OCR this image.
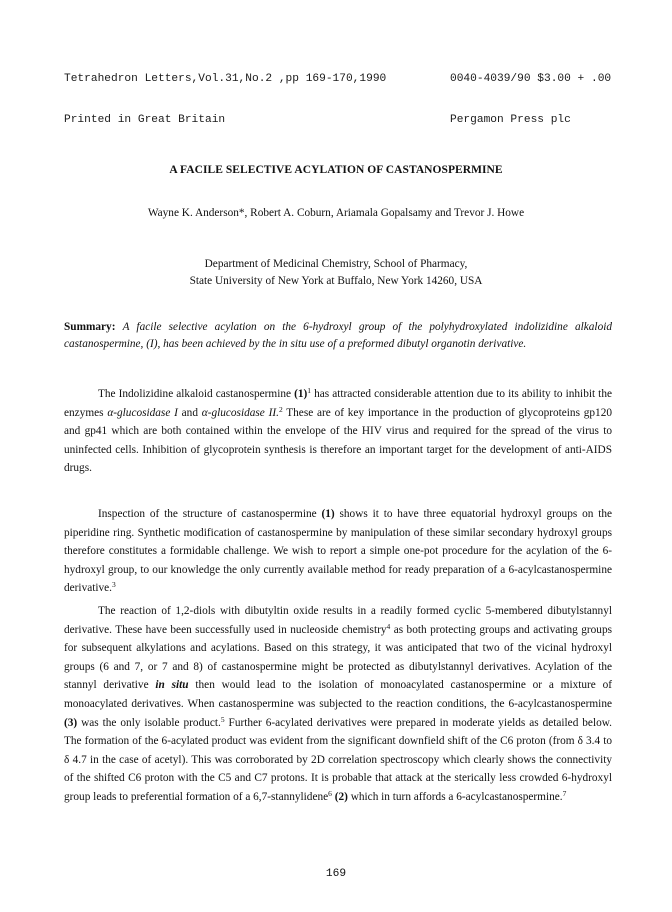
Tetrahedron Letters,Vol.31,No.2 ,pp 169-170,1990

Printed in Great Britain

0040-4039/90 $3.00 + .00

Pergamon Press plc

A FACILE SELECTIVE ACYLATION OF CASTANOSPERMINE
Wayne K. Anderson*, Robert A. Coburn, Ariamala Gopalsamy and Trevor J. Howe
Department of Medicinal Chemistry, School of Pharmacy,
State University of New York at Buffalo, New York 14260, USA
Summary: A facile selective acylation on the 6-hydroxyl group of the polyhydroxylated indolizidine alkaloid castanospermine, (I), has been achieved by the in situ use of a preformed dibutyl organotin derivative.

The Indolizidine alkaloid castanospermine $(1)^1$ has attracted considerable attention due to its ability to inhibit the enzymes α-glucosidase I and α-glucosidase II.$^2$ These are of key importance in the production of glycoproteins gp120 and gp41 which are both contained within the envelope of the HIV virus and required for the spread of the virus to uninfected cells. Inhibition of glycoprotein synthesis is therefore an important target for the development of anti-AIDS drugs.

Inspection of the structure of castanospermine (1) shows it to have three equatorial hydroxyl groups on the piperidine ring. Synthetic modification of castanospermine by manipulation of these similar secondary hydroxyl groups therefore constitutes a formidable challenge. We wish to report a simple one-pot procedure for the acylation of the 6-hydroxyl group, to our knowledge the only currently available method for ready preparation of a 6-acylcastanospermine derivative.$^3$

The reaction of 1,2-diols with dibutyltin oxide results in a readily formed cyclic 5-membered dibutylstannyl derivative. These have been successfully used in nucleoside chemistry$^4$ as both protecting groups and activating groups for subsequent alkylations and acylations. Based on this strategy, it was anticipated that two of the vicinal hydroxyl groups (6 and 7, or 7 and 8) of castanospermine might be protected as dibutylstannyl derivatives. Acylation of the stannyl derivative in situ then would lead to the isolation of monoacylated castanospermine or a mixture of monoacylated derivatives. When castanospermine was subjected to the reaction conditions, the 6-acylcastanospermine (3) was the only isolable product.$^5$ Further 6-acylated derivatives were prepared in moderate yields as detailed below. The formation of the 6-acylated product was evident from the significant downfield shift of the C6 proton (from δ 3.4 to δ 4.7 in the case of acetyl). This was corroborated by 2D correlation spectroscopy which clearly shows the connectivity of the shifted C6 proton with the C5 and C7 protons. It is probable that attack at the sterically less crowded 6-hydroxyl group leads to preferential formation of a 6,7-stannylidene$^6$ (2) which in turn affords a 6-acylcastanospermine.$^7$

169
